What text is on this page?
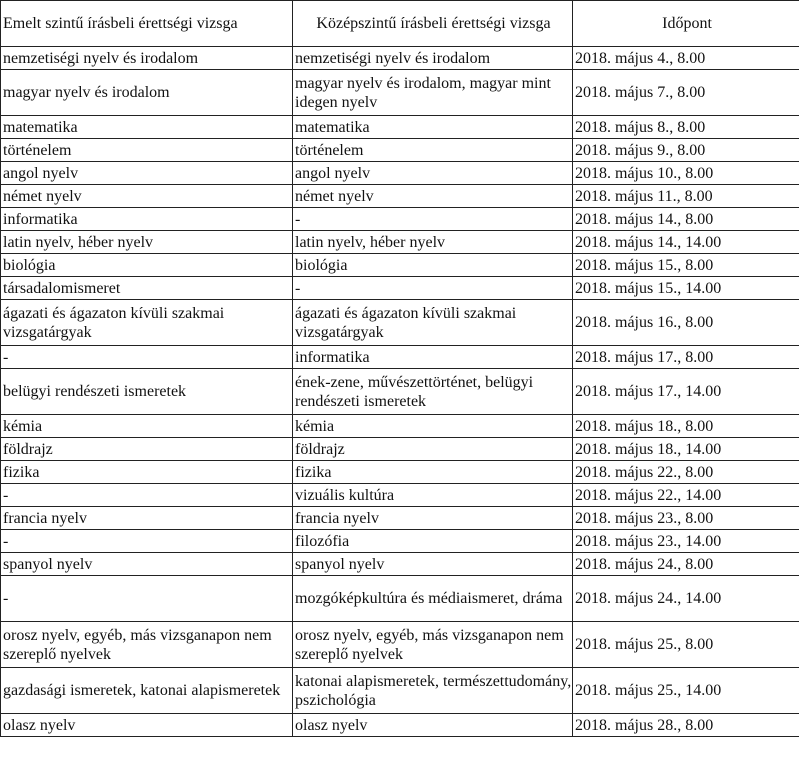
Emelt szintű írásbeli érettségi vizsga	Középszintű írásbeli érettségi vizsga	Időpont
nemzetiségi nyelv és irodalom	nemzetiségi nyelv és irodalom	2018. május 4., 8.00
magyar nyelv és irodalom	magyar nyelv és irodalom, magyar mint idegen nyelv	2018. május 7., 8.00
matematika	matematika	2018. május 8., 8.00
történelem	történelem	2018. május 9., 8.00
angol nyelv	angol nyelv	2018. május 10., 8.00
német nyelv	német nyelv	2018. május 11., 8.00
informatika	-	2018. május 14., 8.00
latin nyelv, héber nyelv	latin nyelv, héber nyelv	2018. május 14., 14.00
biológia	biológia	2018. május 15., 8.00
társadalomismeret	-	2018. május 15., 14.00
ágazati és ágazaton kívüli szakmai vizsgatárgyak	ágazati és ágazaton kívüli szakmai vizsgatárgyak	2018. május 16., 8.00
-	informatika	2018. május 17., 8.00
belügyi rendészeti ismeretek	ének-zene, művészettörténet, belügyi rendészeti ismeretek	2018. május 17., 14.00
kémia	kémia	2018. május 18., 8.00
földrajz	földrajz	2018. május 18., 14.00
fizika	fizika	2018. május 22., 8.00
-	vizuális kultúra	2018. május 22., 14.00
francia nyelv	francia nyelv	2018. május 23., 8.00
-	filozófia	2018. május 23., 14.00
spanyol nyelv	spanyol nyelv	2018. május 24., 8.00
-	mozgóképkultúra és médiaismeret, dráma	2018. május 24., 14.00
orosz nyelv, egyéb, más vizsganapon nem szereplő nyelvek	orosz nyelv, egyéb, más vizsganapon nem szereplő nyelvek	2018. május 25., 8.00
gazdasági ismeretek, katonai alapismeretek	katonai alapismeretek, természettudomány, pszichológia	2018. május 25., 14.00
olasz nyelv	olasz nyelv	2018. május 28., 8.00
